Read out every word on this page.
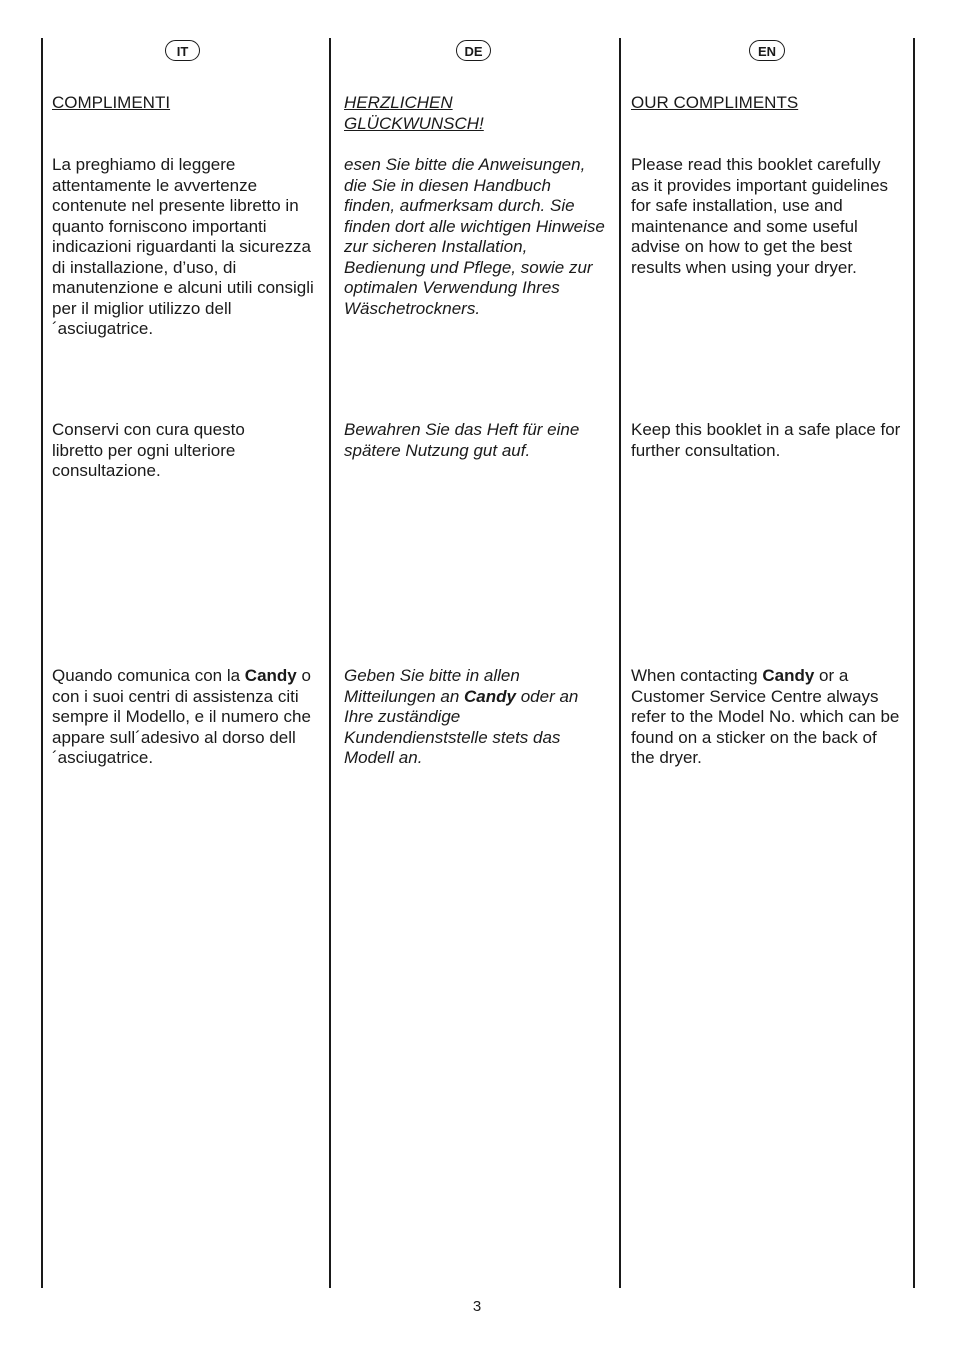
IT

COMPLIMENTI

La preghiamo di leggere attentamente le avvertenze contenute nel presente libretto in quanto forniscono importanti indicazioni riguardanti la sicurezza di installazione, d’uso, di manutenzione e alcuni utili consigli per il miglior utilizzo dell´asciugatrice.

Conservi con cura questo libretto per ogni ulteriore consultazione.

Quando comunica con la Candy o con i suoi centri di assistenza citi sempre il Modello, e il numero che appare sull´adesivo al dorso dell´asciugatrice.

DE

HERZLICHEN GLÜCKWUNSCH!

esen Sie bitte die Anweisungen, die Sie in diesen Handbuch finden, aufmerksam durch. Sie finden dort alle wichtigen Hinweise zur sicheren Installation, Bedienung und Pflege, sowie zur optimalen Verwendung Ihres Wäschetrockners.

Bewahren Sie das Heft für eine spätere Nutzung gut auf.

Geben Sie bitte in allen Mitteilungen an Candy oder an Ihre zuständige Kundendienststelle stets das Modell an.

EN

OUR COMPLIMENTS

Please read this booklet carefully as it provides important guidelines for safe installation, use and maintenance and some useful advise on how to get the best results when using your dryer.

Keep this booklet in a safe place for further consultation.

When contacting Candy or a Customer Service Centre always refer to the Model No. which can be found on a sticker on the back of the dryer.

3
